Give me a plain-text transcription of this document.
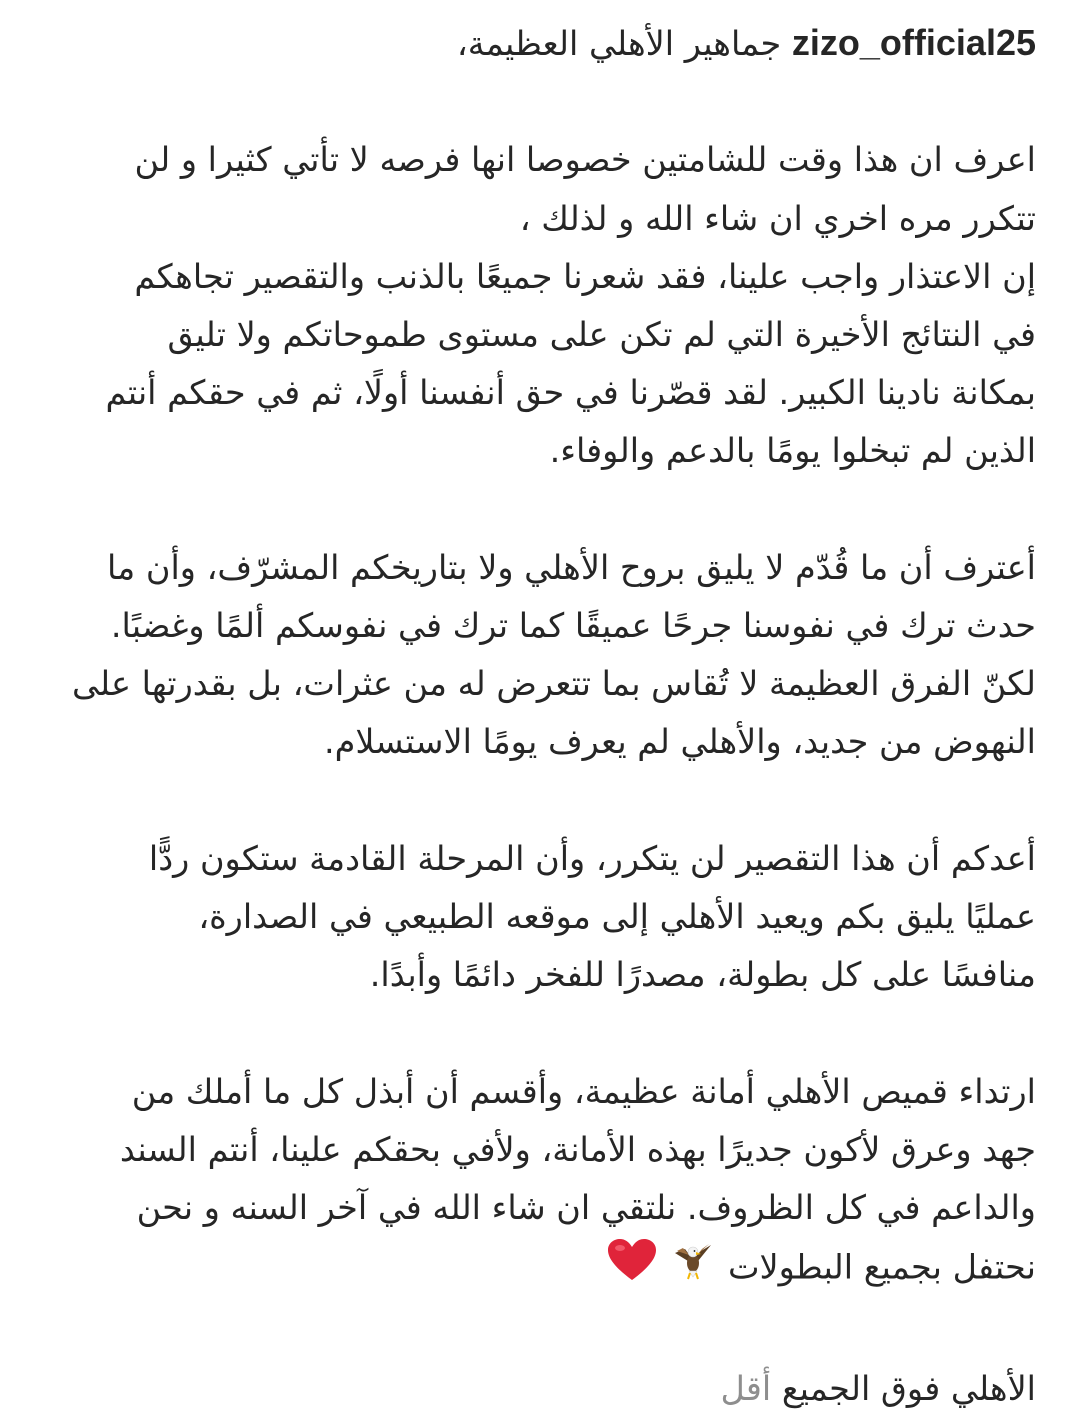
zizo_official25 جماهير الأهلي العظيمة،

اعرف ان هذا وقت للشامتين خصوصا انها فرصه لا تأتي كثيرا و لن
تتكرر مره اخري ان شاء الله و لذلك ،
إن الاعتذار واجب علينا، فقد شعرنا جميعًا بالذنب والتقصير تجاهكم
في النتائج الأخيرة التي لم تكن على مستوى طموحاتكم ولا تليق
بمكانة نادينا الكبير. لقد قصّرنا في حق أنفسنا أولًا، ثم في حقكم أنتم
الذين لم تبخلوا يومًا بالدعم والوفاء.

أعترف أن ما قُدّم لا يليق بروح الأهلي ولا بتاريخكم المشرّف، وأن ما
حدث ترك في نفوسنا جرحًا عميقًا كما ترك في نفوسكم ألمًا وغضبًا.
لكنّ الفرق العظيمة لا تُقاس بما تتعرض له من عثرات، بل بقدرتها على
النهوض من جديد، والأهلي لم يعرف يومًا الاستسلام.

أعدكم أن هذا التقصير لن يتكرر، وأن المرحلة القادمة ستكون ردًّا
عمليًا يليق بكم ويعيد الأهلي إلى موقعه الطبيعي في الصدارة،
منافسًا على كل بطولة، مصدرًا للفخر دائمًا وأبدًا.

ارتداء قميص الأهلي أمانة عظيمة، وأقسم أن أبذل كل ما أملك من
جهد وعرق لأكون جديرًا بهذه الأمانة، ولأفي بحقكم علينا، أنتم السند
والداعم في كل الظروف. نلتقي ان شاء الله في آخر السنه و نحن
نحتفل بجميع البطولات

الأهلي فوق الجميع أقل
